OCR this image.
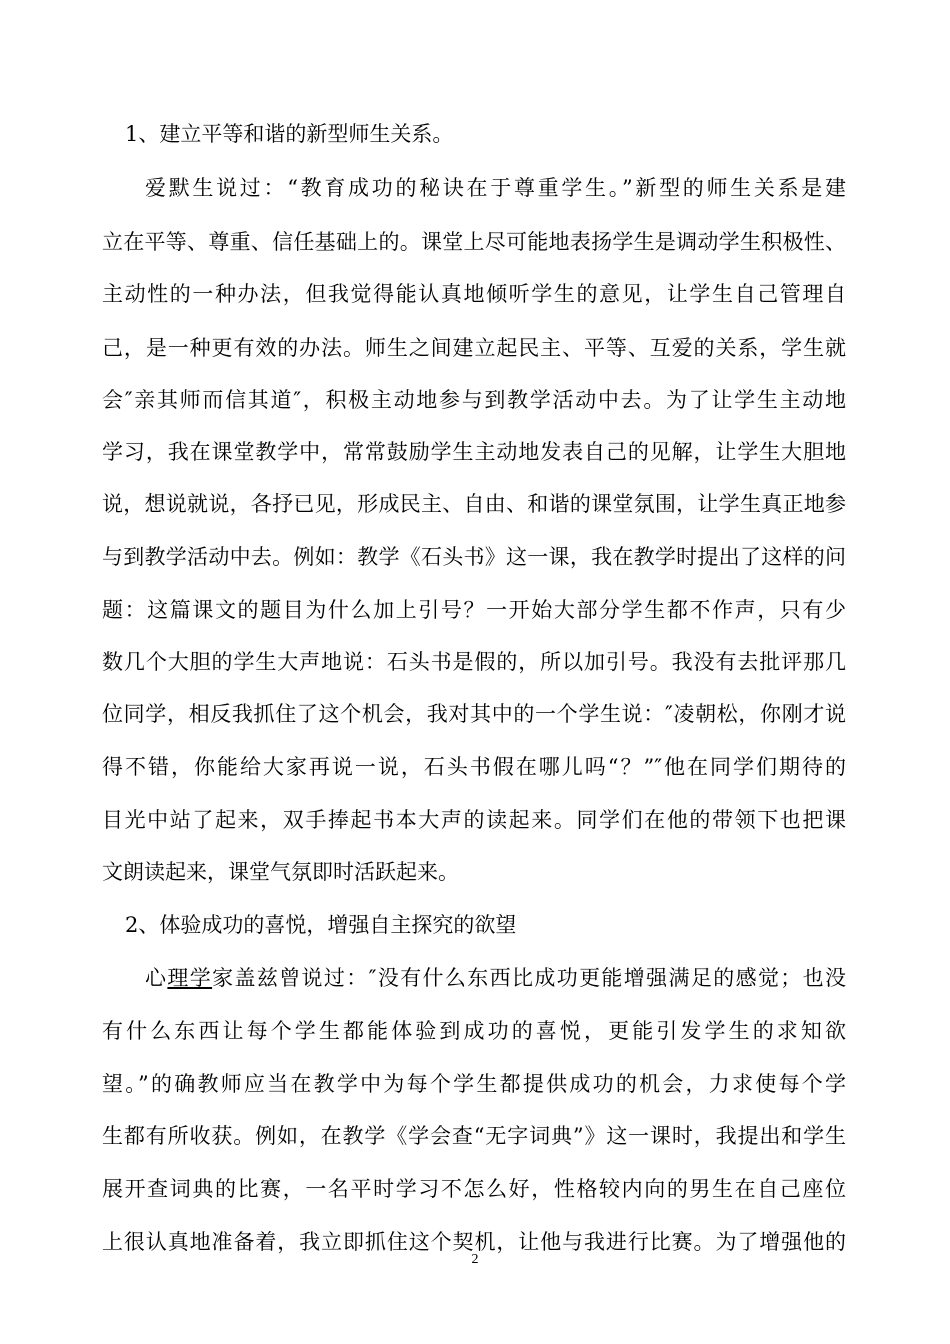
1、建立平等和谐的新型师生关系。
爱默生说过：“教育成功的秘诀在于尊重学生。”新型的师生关系是建
立在平等、尊重、信任基础上的。课堂上尽可能地表扬学生是调动学生积极性、
主动性的一种办法，但我觉得能认真地倾听学生的意见，让学生自己管理自
己，是一种更有效的办法。师生之间建立起民主、平等、互爱的关系，学生就
会″亲其师而信其道″，积极主动地参与到教学活动中去。为了让学生主动地
学习，我在课堂教学中，常常鼓励学生主动地发表自己的见解，让学生大胆地
说，想说就说，各抒已见，形成民主、自由、和谐的课堂氛围，让学生真正地参
与到教学活动中去。例如：教学《石头书》这一课，我在教学时提出了这样的问
题：这篇课文的题目为什么加上引号？一开始大部分学生都不作声，只有少
数几个大胆的学生大声地说：石头书是假的，所以加引号。我没有去批评那几
位同学，相反我抓住了这个机会，我对其中的一个学生说：″凌朝松，你刚才说
得不错，你能给大家再说一说，石头书假在哪儿吗“？”″他在同学们期待的
目光中站了起来，双手捧起书本大声的读起来。同学们在他的带领下也把课
文朗读起来，课堂气氛即时活跃起来。
2、体验成功的喜悦，增强自主探究的欲望
心理学家盖兹曾说过：″没有什么东西比成功更能增强满足的感觉；也没
有什么东西让每个学生都能体验到成功的喜悦，更能引发学生的求知欲
望。”的确教师应当在教学中为每个学生都提供成功的机会，力求使每个学
生都有所收获。例如，在教学《学会查“无字词典”》这一课时，我提出和学生
展开查词典的比赛，一名平时学习不怎么好，性格较内向的男生在自己座位
上很认真地准备着，我立即抓住这个契机，让他与我进行比赛。为了增强他的
2
